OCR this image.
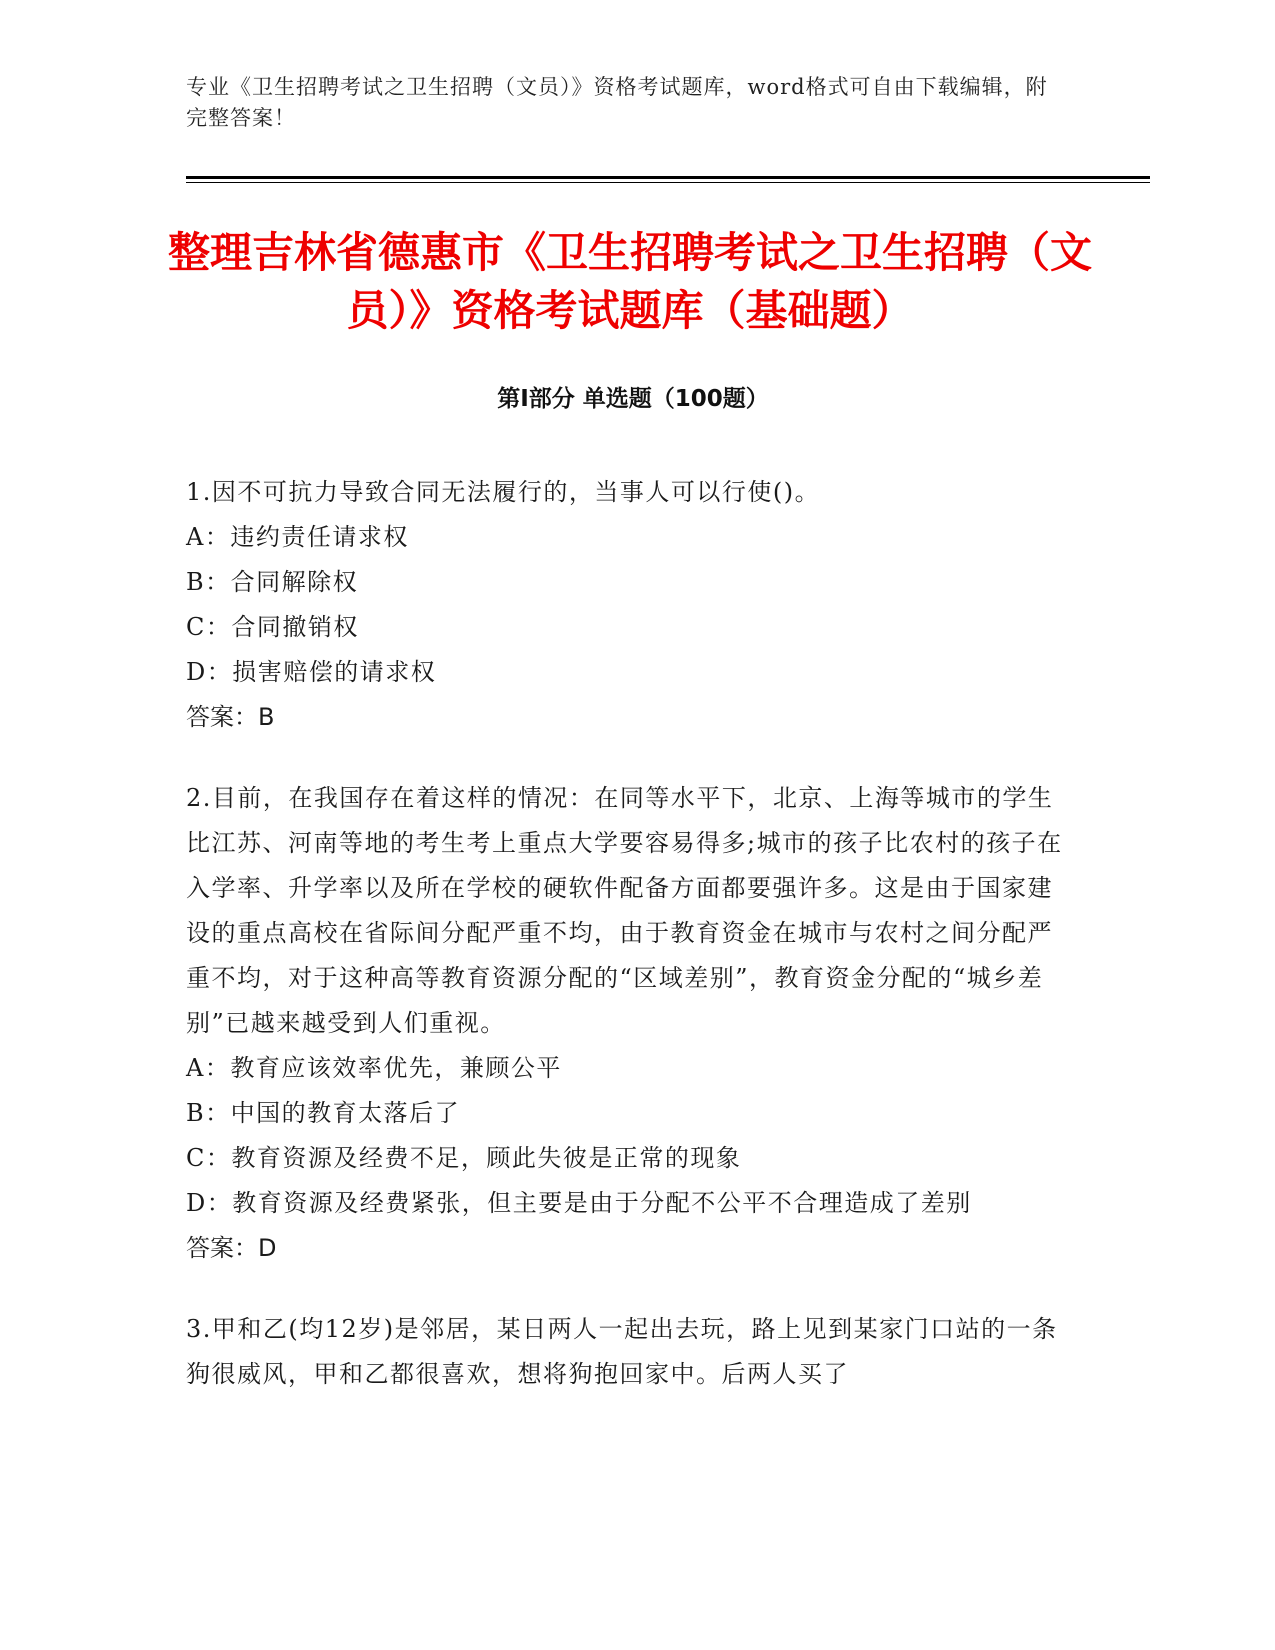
专业《卫生招聘考试之卫生招聘（文员）》资格考试题库，word格式可自由下载编辑，附完整答案！

整理吉林省德惠市《卫生招聘考试之卫生招聘（文员）》资格考试题库（基础题）
第Ⅰ部分 单选题（100题）

1.因不可抗力导致合同无法履行的，当事人可以行使()。

A：违约责任请求权

B：合同解除权

C：合同撤销权

D：损害赔偿的请求权

答案：B

2.目前，在我国存在着这样的情况：在同等水平下，北京、上海等城市的学生比江苏、河南等地的考生考上重点大学要容易得多;城市的孩子比农村的孩子在入学率、升学率以及所在学校的硬软件配备方面都要强许多。这是由于国家建设的重点高校在省际间分配严重不均，由于教育资金在城市与农村之间分配严重不均，对于这种高等教育资源分配的“区域差别”，教育资金分配的“城乡差别”已越来越受到人们重视。

A：教育应该效率优先，兼顾公平

B：中国的教育太落后了

C：教育资源及经费不足，顾此失彼是正常的现象

D：教育资源及经费紧张，但主要是由于分配不公平不合理造成了差别

答案：D

3.甲和乙(均12岁)是邻居，某日两人一起出去玩，路上见到某家门口站的一条狗很威风，甲和乙都很喜欢，想将狗抱回家中。后两人买了
